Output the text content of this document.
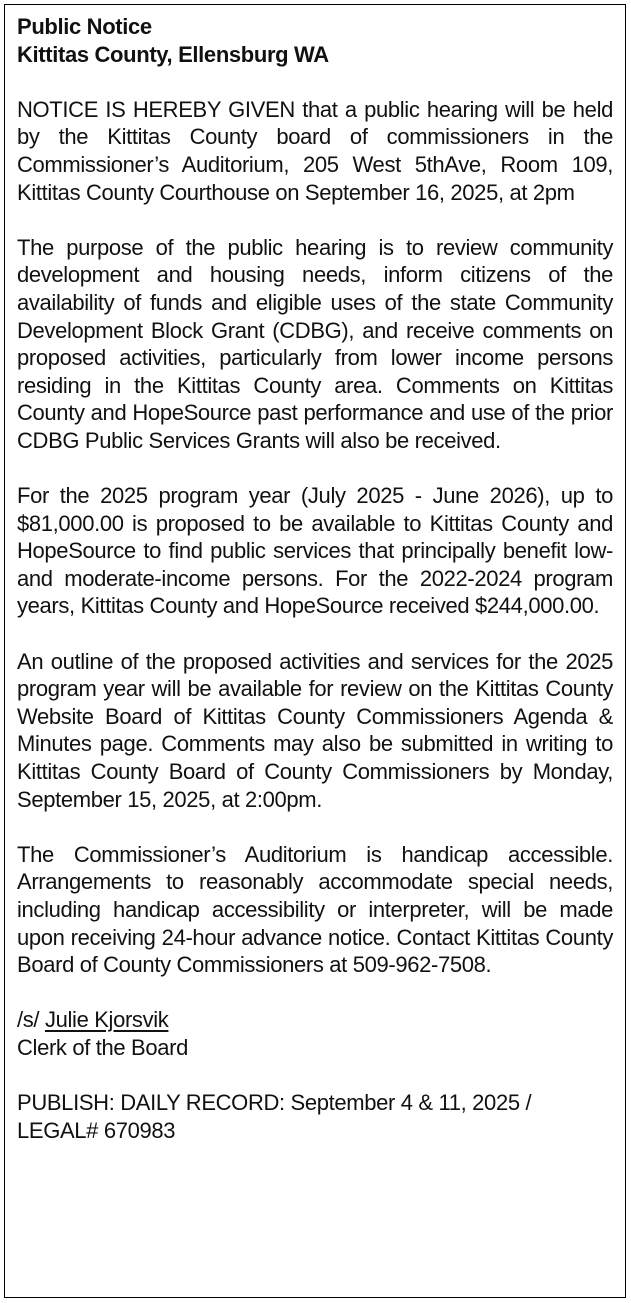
Public Notice
Kittitas County, Ellensburg WA

NOTICE IS HEREBY GIVEN that a public hearing will be held by the Kittitas County board of commissioners in the Commissioner’s Auditorium, 205 West 5thAve, Room 109, Kittitas County Courthouse on September 16, 2025, at 2pm

The purpose of the public hearing is to review community development and housing needs, inform citizens of the availability of funds and eligible uses of the state Community Development Block Grant (CDBG), and receive comments on proposed activities, particularly from lower income persons residing in the Kittitas County area. Comments on Kittitas County and HopeSource past performance and use of the prior CDBG Public Services Grants will also be received.

For the 2025 program year (July 2025 - June 2026), up to $81,000.00 is proposed to be available to Kittitas County and HopeSource to find public services that principally benefit low- and moderate-income persons. For the 2022-2024 program years, Kittitas County and HopeSource received $244,000.00.

An outline of the proposed activities and services for the 2025 program year will be available for review on the Kittitas County Website Board of Kittitas County Commissioners Agenda & Minutes page. Comments may also be submitted in writing to Kittitas County Board of County Commissioners by Monday, September 15, 2025, at 2:00pm.

The Commissioner’s Auditorium is handicap accessible. Arrangements to reasonably accommodate special needs, including handicap accessibility or interpreter, will be made upon receiving 24-hour advance notice. Contact Kittitas County Board of County Commissioners at 509-962-7508.

/s/ Julie Kjorsvik
Clerk of the Board
PUBLISH: DAILY RECORD: September 4 & 11, 2025 /
LEGAL# 670983
